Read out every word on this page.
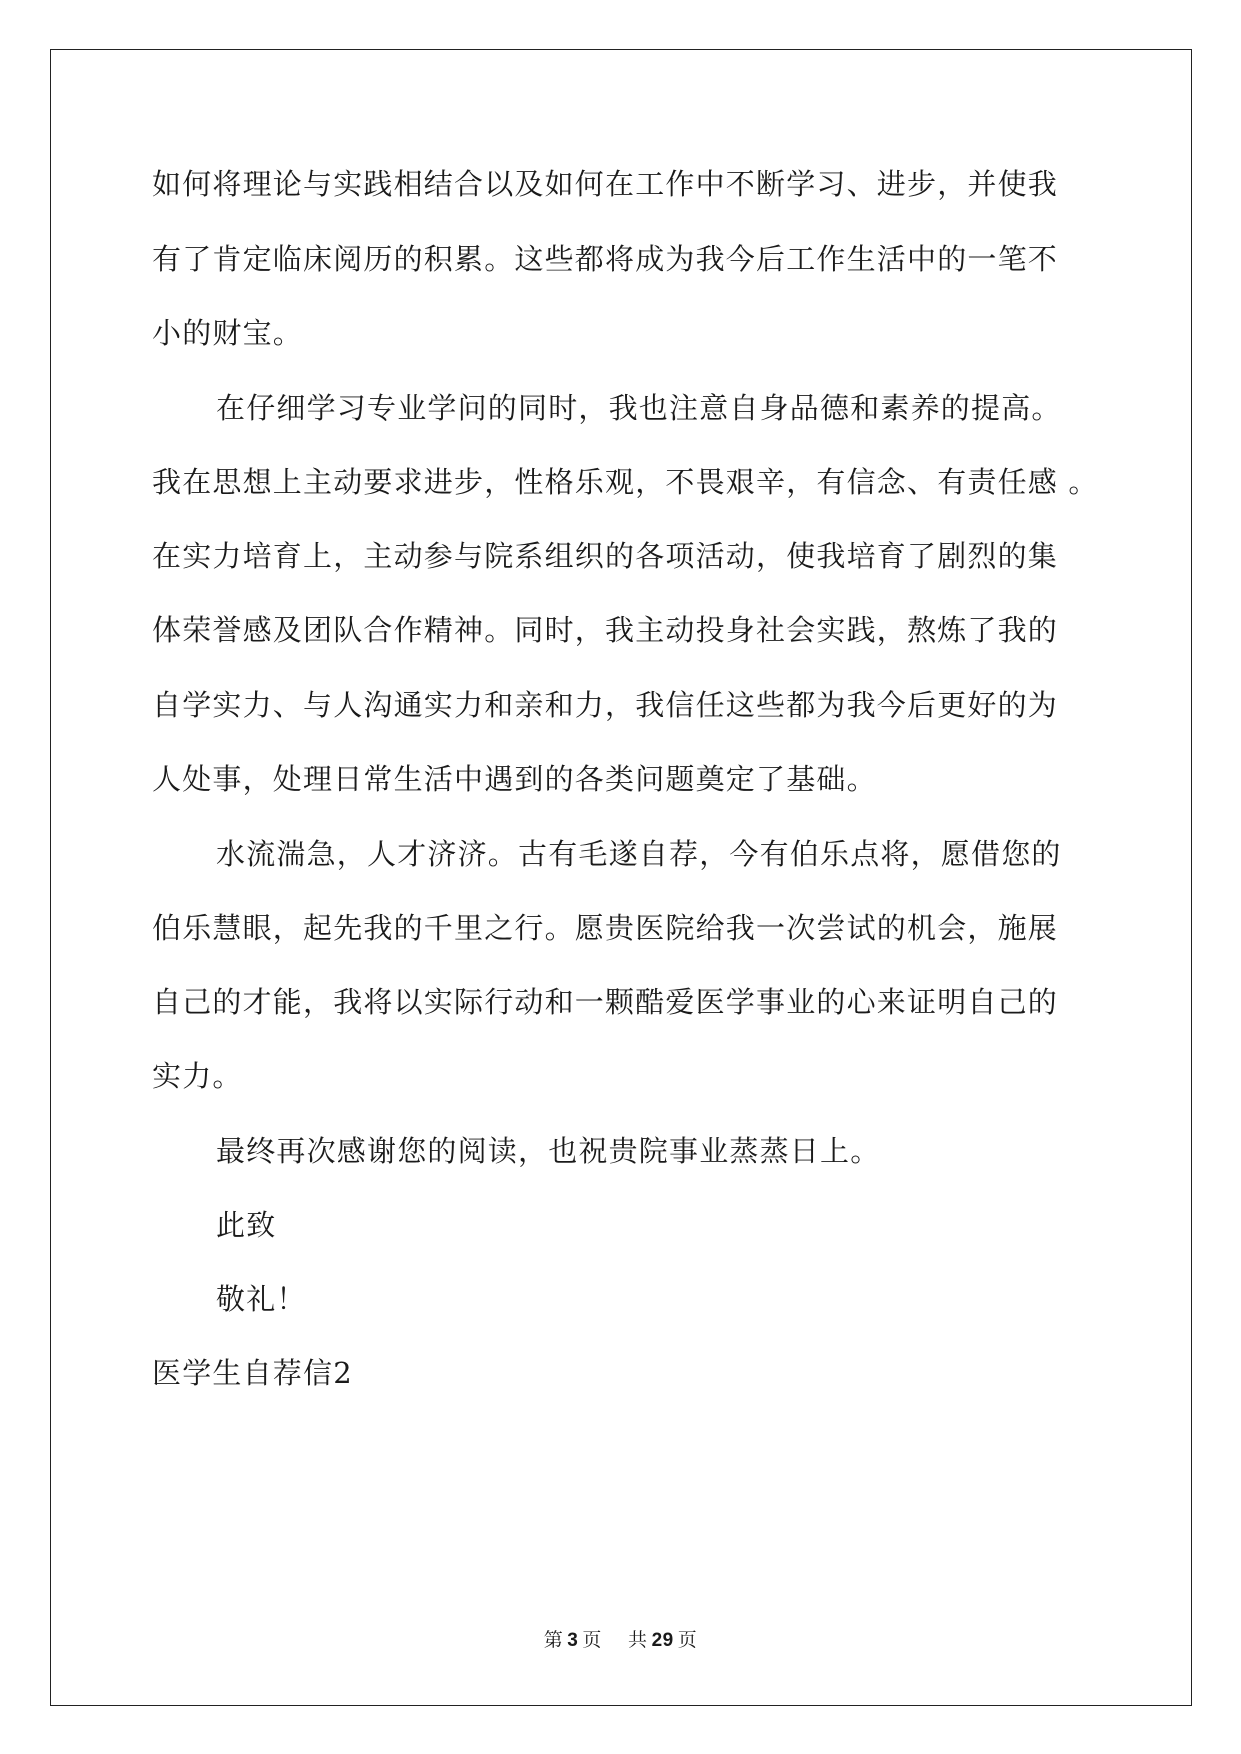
如何将理论与实践相结合以及如何在工作中不断学习、进步，并使我
有了肯定临床阅历的积累。这些都将成为我今后工作生活中的一笔不
小的财宝。
在仔细学习专业学问的同时，我也注意自身品德和素养的提高。
我在思想上主动要求进步，性格乐观，不畏艰辛，有信念、有责任感 。
在实力培育上，主动参与院系组织的各项活动，使我培育了剧烈的集
体荣誉感及团队合作精神。同时，我主动投身社会实践，熬炼了我的
自学实力、与人沟通实力和亲和力，我信任这些都为我今后更好的为
人处事，处理日常生活中遇到的各类问题奠定了基础。
水流湍急，人才济济。古有毛遂自荐，今有伯乐点将，愿借您的
伯乐慧眼，起先我的千里之行。愿贵医院给我一次尝试的机会，施展
自己的才能，我将以实际行动和一颗酷爱医学事业的心来证明自己的
实力。
最终再次感谢您的阅读，也祝贵院事业蒸蒸日上。
此致
敬礼！
医学生自荐信2
第 3 页 共 29 页
